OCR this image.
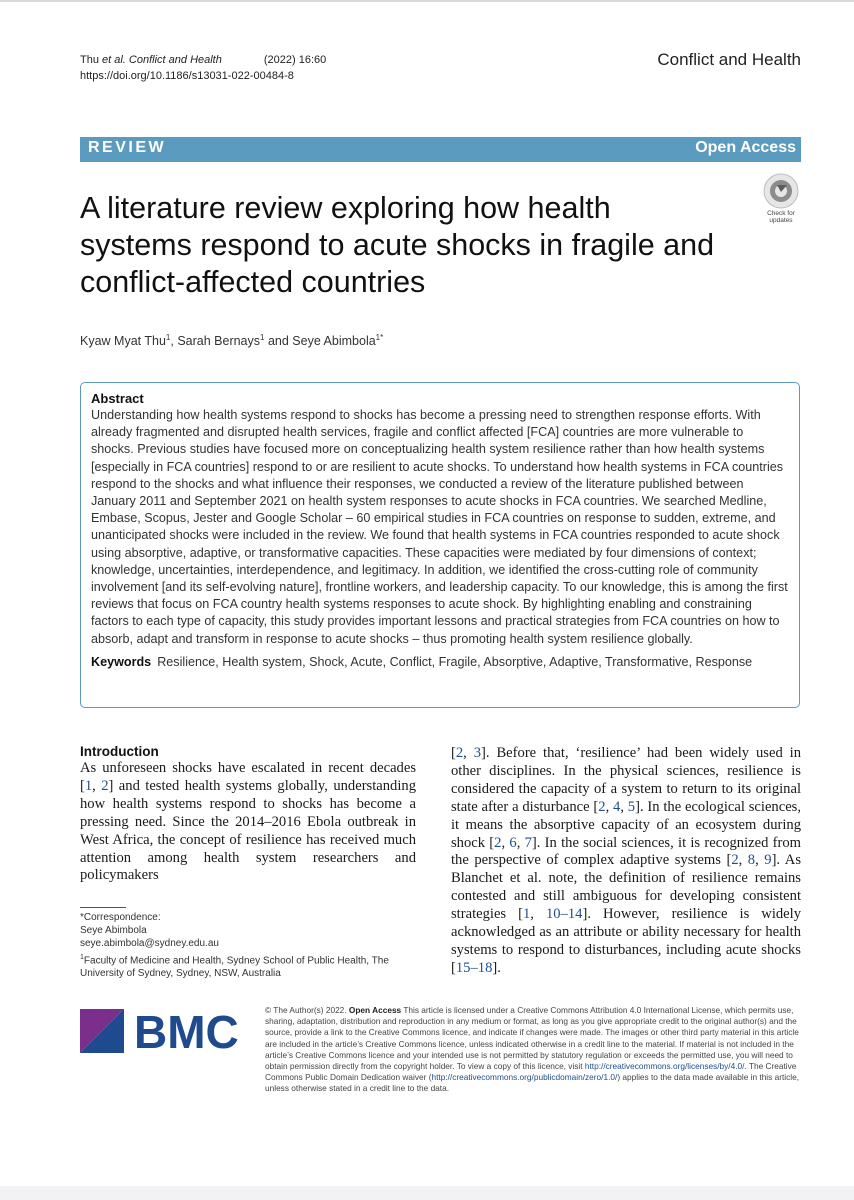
Thu et al. Conflict and Health	(2022) 16:60
https://doi.org/10.1186/s13031-022-00484-8
Conflict and Health
REVIEW	Open Access
A literature review exploring how health systems respond to acute shocks in fragile and conflict-affected countries
Check for
updates
Kyaw Myat Thu$^1$, Sarah Bernays$^1$ and Seye Abimbola$^{1*}$
Abstract
Understanding how health systems respond to shocks has become a pressing need to strengthen response efforts. With already fragmented and disrupted health services, fragile and conflict affected [FCA] countries are more vulnerable to shocks. Previous studies have focused more on conceptualizing health system resilience rather than how health systems [especially in FCA countries] respond to or are resilient to acute shocks. To understand how health systems in FCA countries respond to the shocks and what influence their responses, we conducted a review of the literature published between January 2011 and September 2021 on health system responses to acute shocks in FCA countries. We searched Medline, Embase, Scopus, Jester and Google Scholar – 60 empirical studies in FCA countries on response to sudden, extreme, and unanticipated shocks were included in the review. We found that health systems in FCA countries responded to acute shock using absorptive, adaptive, or transformative capacities. These capacities were mediated by four dimensions of context; knowledge, uncertainties, interdependence, and legitimacy. In addition, we identified the cross-cutting role of community involvement [and its self-evolving nature], frontline workers, and leadership capacity. To our knowledge, this is among the first reviews that focus on FCA country health systems responses to acute shock. By highlighting enabling and constraining factors to each type of capacity, this study provides important lessons and practical strategies from FCA countries on how to absorb, adapt and transform in response to acute shocks – thus promoting health system resilience globally.
Keywords Resilience, Health system, Shock, Acute, Conflict, Fragile, Absorptive, Adaptive, Transformative, Response
Introduction
As unforeseen shocks have escalated in recent decades [1, 2] and tested health systems globally, understanding how health systems respond to shocks has become a pressing need. Since the 2014–2016 Ebola outbreak in West Africa, the concept of resilience has received much attention among health system researchers and policymakers
[2, 3]. Before that, ‘resilience’ had been widely used in other disciplines. In the physical sciences, resilience is considered the capacity of a system to return to its original state after a disturbance [2, 4, 5]. In the ecological sciences, it means the absorptive capacity of an ecosystem during shock [2, 6, 7]. In the social sciences, it is recognized from the perspective of complex adaptive systems [2, 8, 9]. As Blanchet et al. note, the definition of resilience remains contested and still ambiguous for developing consistent strategies [1, 10–14]. However, resilience is widely acknowledged as an attribute or ability necessary for health systems to respond to disturbances, including acute shocks [15–18].
*Correspondence:
Seye Abimbola
seye.abimbola@sydney.edu.au
$^1$Faculty of Medicine and Health, Sydney School of Public Health, The University of Sydney, Sydney, NSW, Australia
BMC	© The Author(s) 2022. Open Access This article is licensed under a Creative Commons Attribution 4.0 International License, which permits use, sharing, adaptation, distribution and reproduction in any medium or format, as long as you give appropriate credit to the original author(s) and the source, provide a link to the Creative Commons licence, and indicate if changes were made. The images or other third party material in this article are included in the article’s Creative Commons licence, unless indicated otherwise in a credit line to the material. If material is not included in the article’s Creative Commons licence and your intended use is not permitted by statutory regulation or exceeds the permitted use, you will need to obtain permission directly from the copyright holder. To view a copy of this licence, visit http://creativecommons.org/licenses/by/4.0/. The Creative Commons Public Domain Dedication waiver (http://creativecommons.org/publicdomain/zero/1.0/) applies to the data made available in this article, unless otherwise stated in a credit line to the data.
